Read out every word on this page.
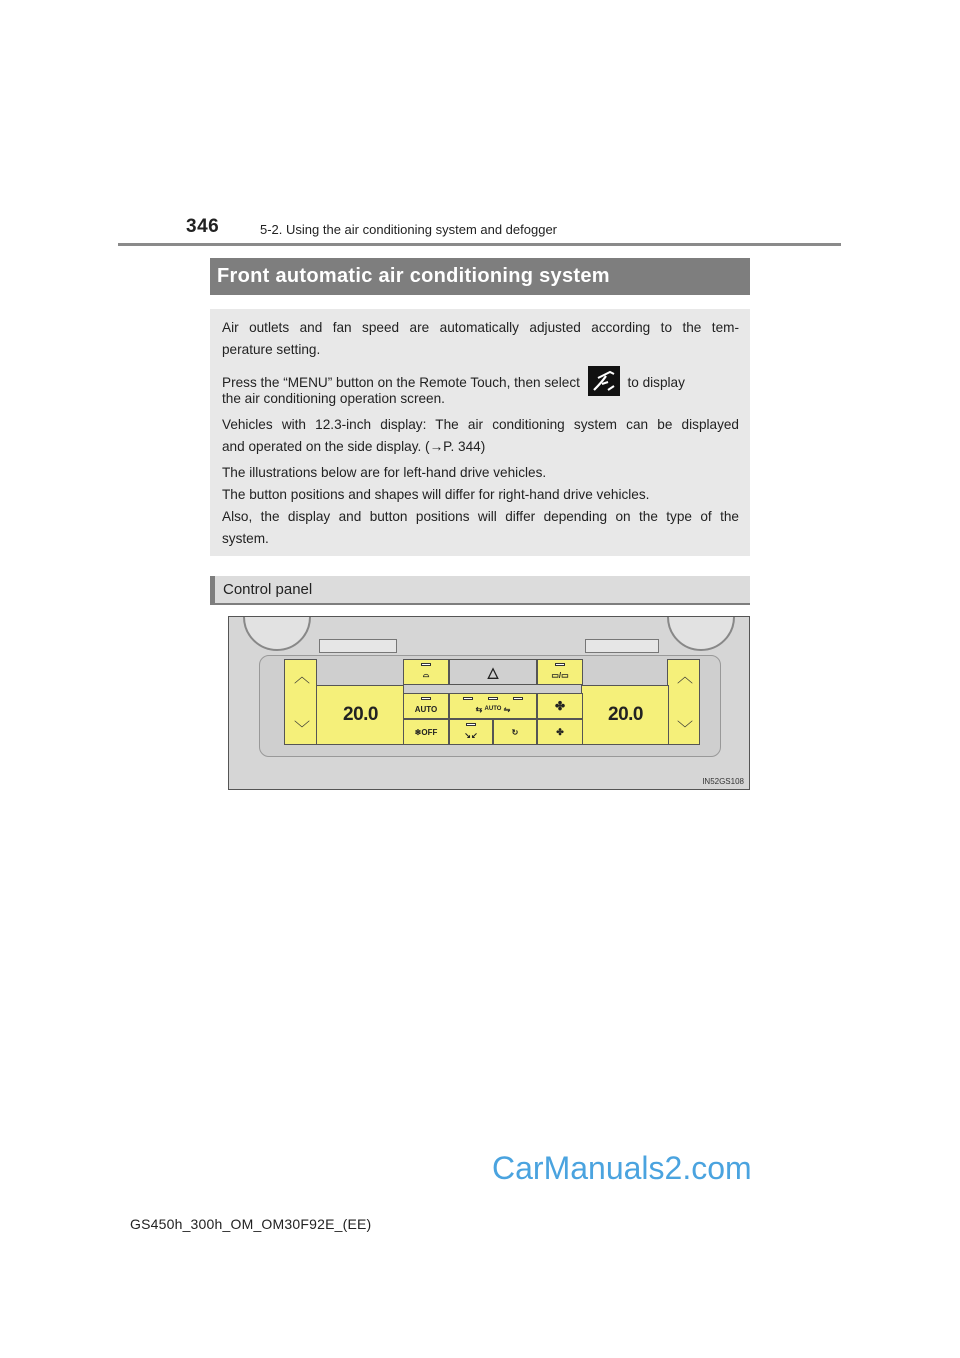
346	5-2. Using the air conditioning system and defogger
Front automatic air conditioning system

Air outlets and fan speed are automatically adjusted according to the tem-

perature setting.

Press the “MENU” button on the Remote Touch, then select	to display

the air conditioning operation screen.

Vehicles with 12.3-inch display: The air conditioning system can be displayed

and operated on the side display. (→P. 344)

The illustrations below are for left-hand drive vehicles.

The button positions and shapes will differ for right-hand drive vehicles.

Also, the display and button positions will differ depending on the type of the

system.

Control panel
︿
﹀
20.0
︿
﹀
20.0
⌓	△	▭/▭
AUTO	⇆ AUTO ⇋	✤
❄OFF	↘↙	↻	✤
IN52GS108
GS450h_300h_OM_OM30F92E_(EE)
CarManuals2.com
